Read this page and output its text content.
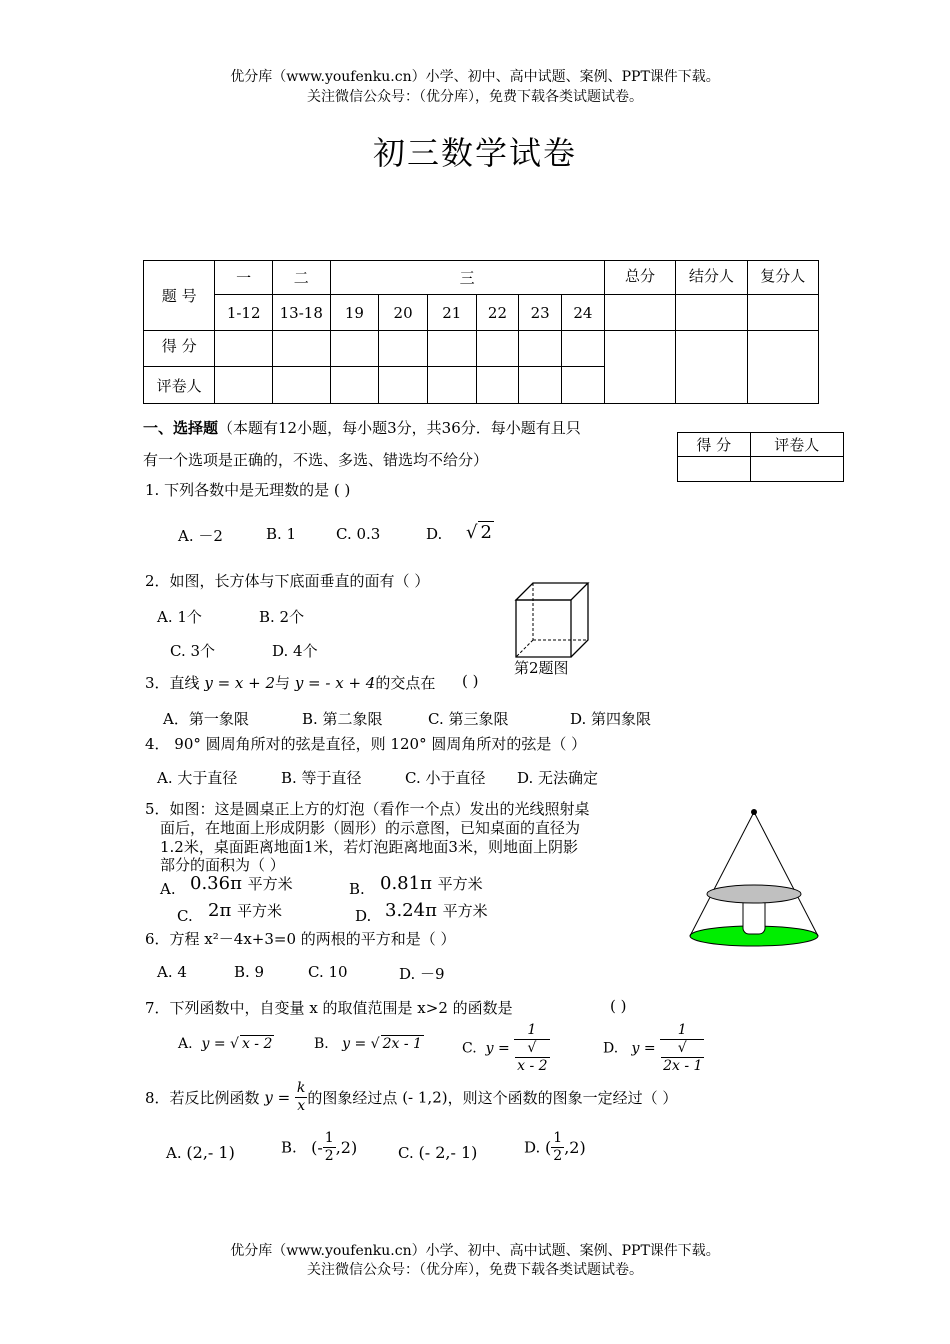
优分库（www.youfenku.cn）小学、初中、高中试题、案例、PPT课件下载。
关注微信公众号：（优分库），免费下载各类试题试卷。
初三数学试卷
题 号	一	二	三						总分	结分人	复分人
	1-12	13-18	19	20	21	22	23	24			
得 分											
评卷人											
得 分	评卷人

一、选择题（本题有12小题，每小题3分，共36分．每小题有且只
有一个选项是正确的，不选、多选、错选均不给分）
1. 下列各数中是无理数的是 ( )
A. －2	B. 1	C. 0.3	D. √ 2
2．如图，长方体与下底面垂直的面有（ ）
A. 1个	B. 2个
C. 3个	D. 4个
第2题图
3．直线 y = x + 2与 y = - x + 4的交点在 ( )
A．第一象限	B. 第二象限	C. 第三象限	D. 第四象限
4． 90° 圆周角所对的弦是直径，则 120° 圆周角所对的弦是（ ）
A. 大于直径	B. 等于直径	C. 小于直径 D. 无法确定
5．如图：这是圆桌正上方的灯泡（看作一个点）发出的光线照射桌
面后，在地面上形成阴影（圆形）的示意图，已知桌面的直径为
1.2米，桌面距离地面1米，若灯泡距离地面3米，则地面上阴影
部分的面积为（ ）
A. 0.36π 平方米	B. 0.81π 平方米
C. 2π 平方米	D. 3.24π 平方米
6．方程 x²－4x+3=0 的两根的平方和是（ ）
A. 4	B. 9	C. 10	D. －9
7．下列函数中，自变量 x 的取值范围是 x>2 的函数是	( )
A. y = √ x - 2	B. y = √ 2x - 1	C. y = 1
√
x - 2	D. y = 1
√
2x - 1
8．若反比例函数 $y = \frac{k}{x}$ 的图象经过点 (- 1,2)，则这个函数的图象一定经过（ ）
A. (2,- 1)	B. (- $\frac{1}{2} ,2$)	C. (- 2,- 1)	D. ( $\frac{1}{2} ,2$)
优分库（www.youfenku.cn）小学、初中、高中试题、案例、PPT课件下载。
关注微信公众号：（优分库），免费下载各类试题试卷。
